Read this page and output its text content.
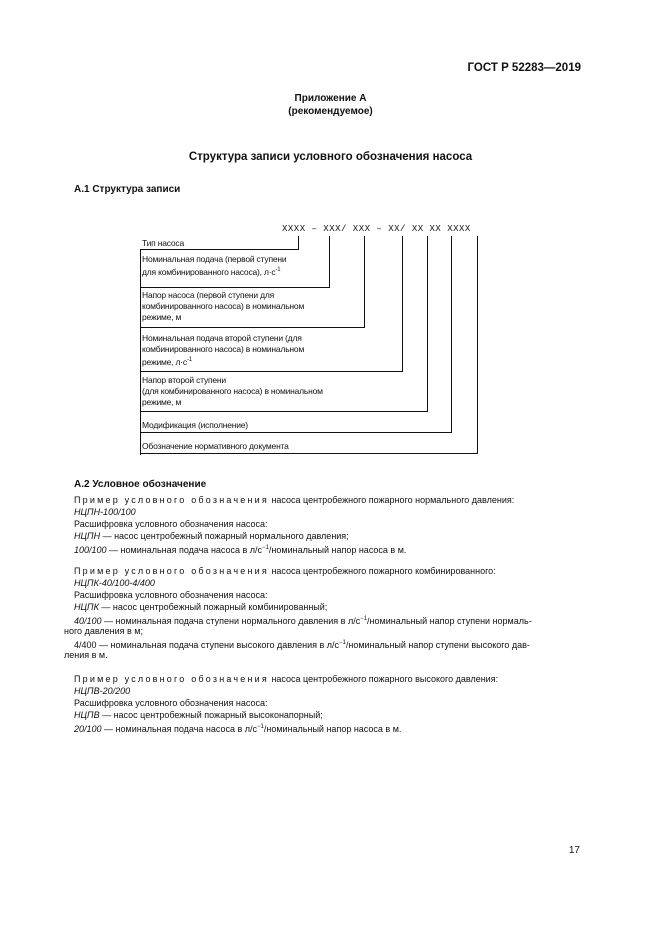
ГОСТ Р 52283—2019
Приложение А
(рекомендуемое)
Структура записи условного обозначения насоса
А.1 Структура записи
XXXX – XXX/ XXX – XX/ XX XX XXXX
Тип насоса
Номинальная подача (первой ступени
для комбинированного насоса), $л\cdot с^{-1}$
Напор насоса (первой ступени для
комбинированного насоса) в номинальном
режиме, м
Номинальная подача второй ступени (для
комбинированного насоса) в номинальном
режиме, $л\cdot с^{-1}$
Напор второй ступени
(для комбинированного насоса) в номинальном
режиме, м
Модификация (исполнение)
Обозначение нормативного документа
А.2 Условное обозначение
Пример условного обозначения насоса центробежного пожарного нормального давления:
НЦПН-100/100
Расшифровка условного обозначения насоса:
НЦПН — насос центробежный пожарный нормального давления;
100/100 — номинальная подача насоса в $л/с^{-1}$/номинальный напор насоса в м.
Пример условного обозначения насоса центробежного пожарного комбинированного:
НЦПК-40/100-4/400
Расшифровка условного обозначения насоса:
НЦПК — насос центробежный пожарный комбинированный;
40/100 — номинальная подача ступени нормального давления в $л/с^{-1}$/номинальный напор ступени нормаль-
ного давления в м;
4/400 — номинальная подача ступени высокого давления в $л/с^{-1}$/номинальный напор ступени высокого дав-
ления в м.
Пример условного обозначения насоса центробежного пожарного высокого давления:
НЦПВ-20/200
Расшифровка условного обозначения насоса:
НЦПВ — насос центробежный пожарный высоконапорный;
20/100 — номинальная подача насоса в $л/с^{-1}$/номинальный напор насоса в м.
17
